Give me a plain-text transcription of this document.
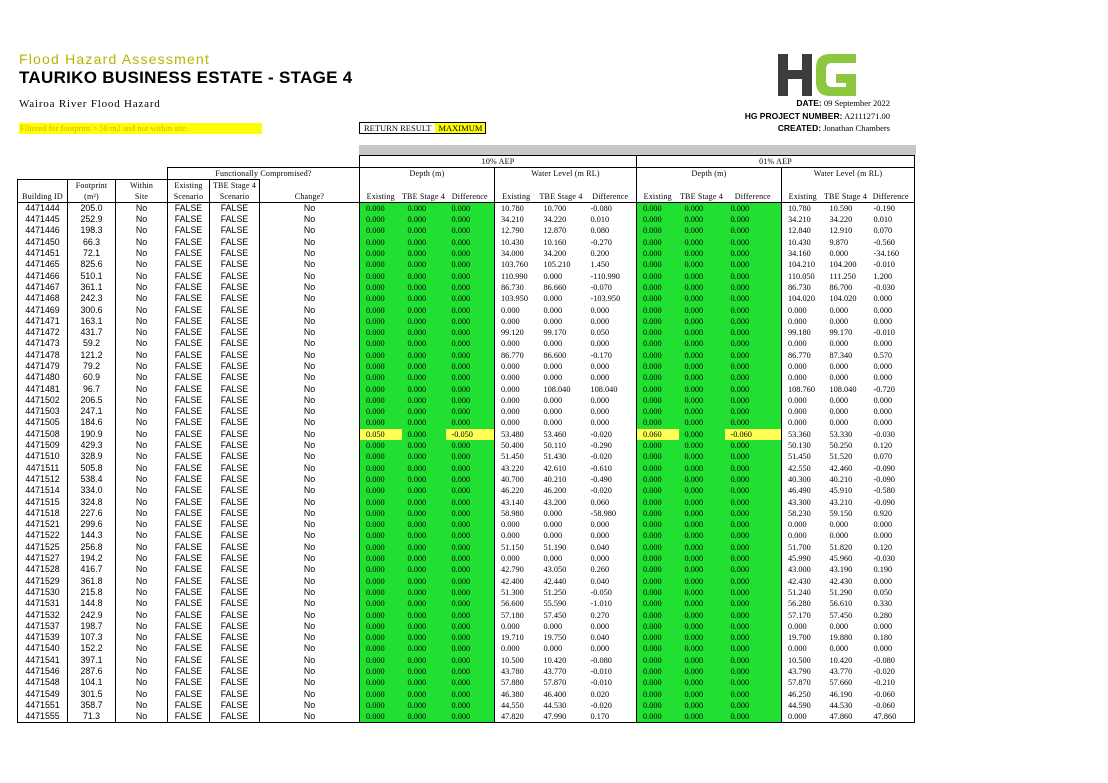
Flood Hazard Assessment
TAURIKO BUSINESS ESTATE - STAGE 4
Wairoa River Flood Hazard
Filtered for footprint > 50 m2 and not within site.	RETURN RESULT MAXIMUM
DATE: 09 September 2022
HG PROJECT NUMBER: A2111271.00
CREATED: Jonathan Chambers
						10% AEP						01% AEP					
			Functionally Compromised?			Depth (m)			Water Level (m RL)			Depth (m)			Water Level (m RL)		
	Footprint	Within	Existing	TBE Stage 4													
Building ID	(m²)	Site	Scenario	Scenario	Change?	Existing	TBE Stage 4	Difference	Existing	TBE Stage 4	Difference	Existing	TBE Stage 4	Difference	Existing	TBE Stage 4	Difference
4471444	205.0	No	FALSE	FALSE	No	0.000	0.000	0.000	10.780	10.700	-0.080	0.000	0.000	0.000	10.780	10.590	-0.190
4471445	252.9	No	FALSE	FALSE	No	0.000	0.000	0.000	34.210	34.220	0.010	0.000	0.000	0.000	34.210	34.220	0.010
4471446	198.3	No	FALSE	FALSE	No	0.000	0.000	0.000	12.790	12.870	0.080	0.000	0.000	0.000	12.840	12.910	0.070
4471450	66.3	No	FALSE	FALSE	No	0.000	0.000	0.000	10.430	10.160	-0.270	0.000	0.000	0.000	10.430	9.870	-0.560
4471451	72.1	No	FALSE	FALSE	No	0.000	0.000	0.000	34.000	34.200	0.200	0.000	0.000	0.000	34.160	0.000	-34.160
4471465	825.6	No	FALSE	FALSE	No	0.000	0.000	0.000	103.760	105.210	1.450	0.000	0.000	0.000	104.210	104.200	-0.010
4471466	510.1	No	FALSE	FALSE	No	0.000	0.000	0.000	110.990	0.000	-110.990	0.000	0.000	0.000	110.050	111.250	1.200
4471467	361.1	No	FALSE	FALSE	No	0.000	0.000	0.000	86.730	86.660	-0.070	0.000	0.000	0.000	86.730	86.700	-0.030
4471468	242.3	No	FALSE	FALSE	No	0.000	0.000	0.000	103.950	0.000	-103.950	0.000	0.000	0.000	104.020	104.020	0.000
4471469	300.6	No	FALSE	FALSE	No	0.000	0.000	0.000	0.000	0.000	0.000	0.000	0.000	0.000	0.000	0.000	0.000
4471471	163.1	No	FALSE	FALSE	No	0.000	0.000	0.000	0.000	0.000	0.000	0.000	0.000	0.000	0.000	0.000	0.000
4471472	431.7	No	FALSE	FALSE	No	0.000	0.000	0.000	99.120	99.170	0.050	0.000	0.000	0.000	99.180	99.170	-0.010
4471473	59.2	No	FALSE	FALSE	No	0.000	0.000	0.000	0.000	0.000	0.000	0.000	0.000	0.000	0.000	0.000	0.000
4471478	121.2	No	FALSE	FALSE	No	0.000	0.000	0.000	86.770	86.600	-0.170	0.000	0.000	0.000	86.770	87.340	0.570
4471479	79.2	No	FALSE	FALSE	No	0.000	0.000	0.000	0.000	0.000	0.000	0.000	0.000	0.000	0.000	0.000	0.000
4471480	60.9	No	FALSE	FALSE	No	0.000	0.000	0.000	0.000	0.000	0.000	0.000	0.000	0.000	0.000	0.000	0.000
4471481	96.7	No	FALSE	FALSE	No	0.000	0.000	0.000	0.000	108.040	108.040	0.000	0.000	0.000	108.760	108.040	-0.720
4471502	206.5	No	FALSE	FALSE	No	0.000	0.000	0.000	0.000	0.000	0.000	0.000	0.000	0.000	0.000	0.000	0.000
4471503	247.1	No	FALSE	FALSE	No	0.000	0.000	0.000	0.000	0.000	0.000	0.000	0.000	0.000	0.000	0.000	0.000
4471505	184.6	No	FALSE	FALSE	No	0.000	0.000	0.000	0.000	0.000	0.000	0.000	0.000	0.000	0.000	0.000	0.000
4471508	190.9	No	FALSE	FALSE	No	0.050	0.000	-0.050	53.480	53.460	-0.020	0.060	0.000	-0.060	53.360	53.330	-0.030
4471509	429.3	No	FALSE	FALSE	No	0.000	0.000	0.000	50.400	50.110	-0.290	0.000	0.000	0.000	50.130	50.250	0.120
4471510	328.9	No	FALSE	FALSE	No	0.000	0.000	0.000	51.450	51.430	-0.020	0.000	0.000	0.000	51.450	51.520	0.070
4471511	505.8	No	FALSE	FALSE	No	0.000	0.000	0.000	43.220	42.610	-0.610	0.000	0.000	0.000	42.550	42.460	-0.090
4471512	538.4	No	FALSE	FALSE	No	0.000	0.000	0.000	40.700	40.210	-0.490	0.000	0.000	0.000	40.300	40.210	-0.090
4471514	334.0	No	FALSE	FALSE	No	0.000	0.000	0.000	46.220	46.200	-0.020	0.000	0.000	0.000	46.490	45.910	-0.580
4471515	324.8	No	FALSE	FALSE	No	0.000	0.000	0.000	43.140	43.200	0.060	0.000	0.000	0.000	43.300	43.210	-0.090
4471518	227.6	No	FALSE	FALSE	No	0.000	0.000	0.000	58.980	0.000	-58.980	0.000	0.000	0.000	58.230	59.150	0.920
4471521	299.6	No	FALSE	FALSE	No	0.000	0.000	0.000	0.000	0.000	0.000	0.000	0.000	0.000	0.000	0.000	0.000
4471522	144.3	No	FALSE	FALSE	No	0.000	0.000	0.000	0.000	0.000	0.000	0.000	0.000	0.000	0.000	0.000	0.000
4471525	256.8	No	FALSE	FALSE	No	0.000	0.000	0.000	51.150	51.190	0.040	0.000	0.000	0.000	51.700	51.820	0.120
4471527	194.2	No	FALSE	FALSE	No	0.000	0.000	0.000	0.000	0.000	0.000	0.000	0.000	0.000	45.990	45.960	-0.030
4471528	416.7	No	FALSE	FALSE	No	0.000	0.000	0.000	42.790	43.050	0.260	0.000	0.000	0.000	43.000	43.190	0.190
4471529	361.8	No	FALSE	FALSE	No	0.000	0.000	0.000	42.400	42.440	0.040	0.000	0.000	0.000	42.430	42.430	0.000
4471530	215.8	No	FALSE	FALSE	No	0.000	0.000	0.000	51.300	51.250	-0.050	0.000	0.000	0.000	51.240	51.290	0.050
4471531	144.8	No	FALSE	FALSE	No	0.000	0.000	0.000	56.600	55.590	-1.010	0.000	0.000	0.000	56.280	56.610	0.330
4471532	242.9	No	FALSE	FALSE	No	0.000	0.000	0.000	57.180	57.450	0.270	0.000	0.000	0.000	57.170	57.450	0.280
4471537	198.7	No	FALSE	FALSE	No	0.000	0.000	0.000	0.000	0.000	0.000	0.000	0.000	0.000	0.000	0.000	0.000
4471539	107.3	No	FALSE	FALSE	No	0.000	0.000	0.000	19.710	19.750	0.040	0.000	0.000	0.000	19.700	19.880	0.180
4471540	152.2	No	FALSE	FALSE	No	0.000	0.000	0.000	0.000	0.000	0.000	0.000	0.000	0.000	0.000	0.000	0.000
4471541	397.1	No	FALSE	FALSE	No	0.000	0.000	0.000	10.500	10.420	-0.080	0.000	0.000	0.000	10.500	10.420	-0.080
4471546	287.6	No	FALSE	FALSE	No	0.000	0.000	0.000	43.780	43.770	-0.010	0.000	0.000	0.000	43.790	43.770	-0.020
4471548	104.1	No	FALSE	FALSE	No	0.000	0.000	0.000	57.880	57.870	-0.010	0.000	0.000	0.000	57.870	57.660	-0.210
4471549	301.5	No	FALSE	FALSE	No	0.000	0.000	0.000	46.380	46.400	0.020	0.000	0.000	0.000	46.250	46.190	-0.060
4471551	358.7	No	FALSE	FALSE	No	0.000	0.000	0.000	44.550	44.530	-0.020	0.000	0.000	0.000	44.590	44.530	-0.060
4471555	71.3	No	FALSE	FALSE	No	0.000	0.000	0.000	47.820	47.990	0.170	0.000	0.000	0.000	0.000	47.860	47.860
